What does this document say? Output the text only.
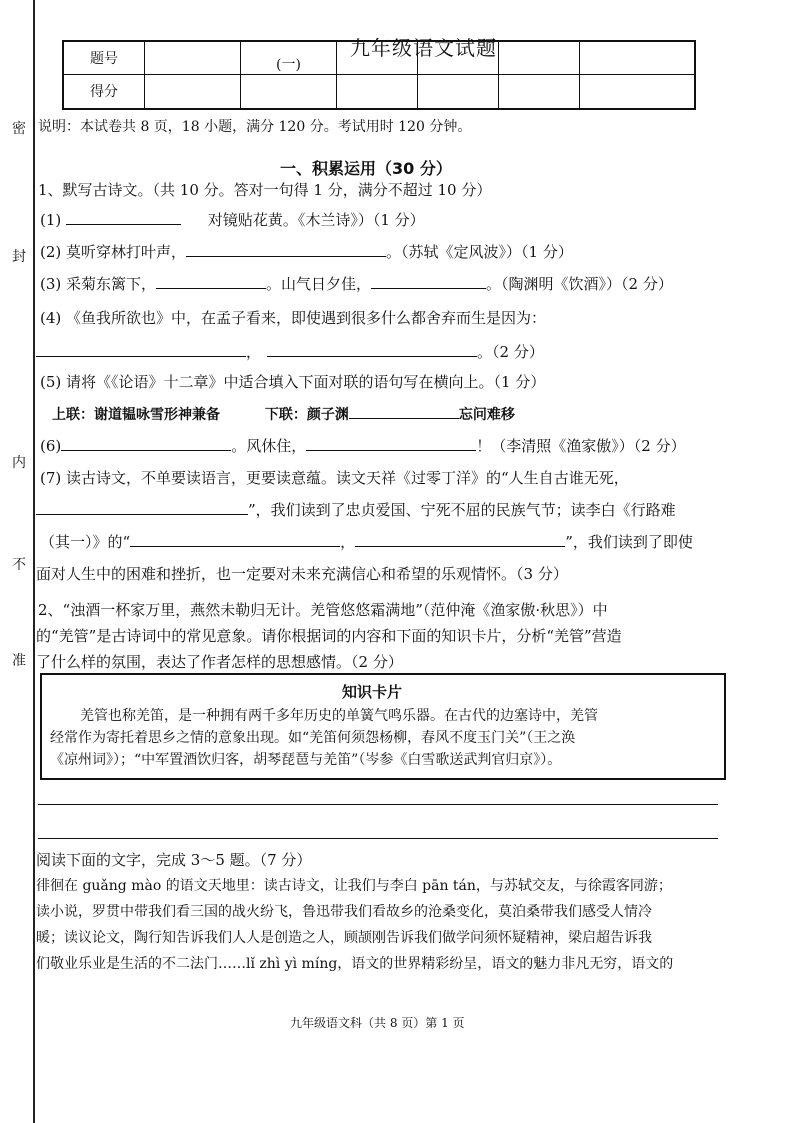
密
封
内
不
准
九年级语文试题
题号		(一)				
得分						
说明：本试卷共 8 页，18 小题，满分 120 分。考试用时 120 分钟。
一、积累运用（30 分）
1、默写古诗文。（共 10 分。答对一句得 1 分，满分不超过 10 分）
(1)	对镜贴花黄。《木兰诗》）（1 分）
(2) 莫听穿林打叶声，	。（苏轼《定风波》）（1 分）
(3) 采菊东篱下，	。山气日夕佳，	。（陶渊明《饮酒》）（2 分）
(4) 《鱼我所欲也》中，在孟子看来，即使遇到很多什么都舍弃而生是因为：
，	。（2 分）
(5) 请将《《论语》十二章》中适合填入下面对联的语句写在横向上。（1 分）
上联：谢道韫咏雪形神兼备	下联：颜子渊	忘问难移
(6)	。风休住，	！（李清照《渔家傲》）（2 分）
(7) 读古诗文，不单要读语言，更要读意蕴。读文天祥《过零丁洋》的“人生自古谁无死，
”，我们读到了忠贞爱国、宁死不屈的民族气节；读李白《行路难
（其一）》的“	，	”，我们读到了即使
面对人生中的困难和挫折，也一定要对未来充满信心和希望的乐观情怀。（3 分）
2、“浊酒一杯家万里，燕然未勒归无计。羌管悠悠霜满地”（范仲淹《渔家傲·秋思》）中
的“羌管”是古诗词中的常见意象。请你根据词的内容和下面的知识卡片，分析“羌管”营造
了什么样的氛围，表达了作者怎样的思想感情。（2 分）
知识卡片
羌管也称羌笛，是一种拥有两千多年历史的单簧气鸣乐器。在古代的边塞诗中，羌管
经常作为寄托着思乡之情的意象出现。如“羌笛何须怨杨柳，春风不度玉门关”（王之涣
《凉州词》）；“中军置酒饮归客，胡琴琵琶与羌笛”（岑参《白雪歌送武判官归京》）。
阅读下面的文字，完成 3～5 题。（7 分）
徘徊在 guǎng mào 的语文天地里：读古诗文，让我们与李白 pān tán，与苏轼交友，与徐霞客同游；
读小说，罗贯中带我们看三国的战火纷飞，鲁迅带我们看故乡的沧桑变化，莫泊桑带我们感受人情冷
暖；读议论文，陶行知告诉我们人人是创造之人，顾颉刚告诉我们做学问须怀疑精神，梁启超告诉我
们敬业乐业是生活的不二法门……lǐ zhì yì míng，语文的世界精彩纷呈，语文的魅力非凡无穷，语文的
九年级语文科（共 8 页）第 1 页
